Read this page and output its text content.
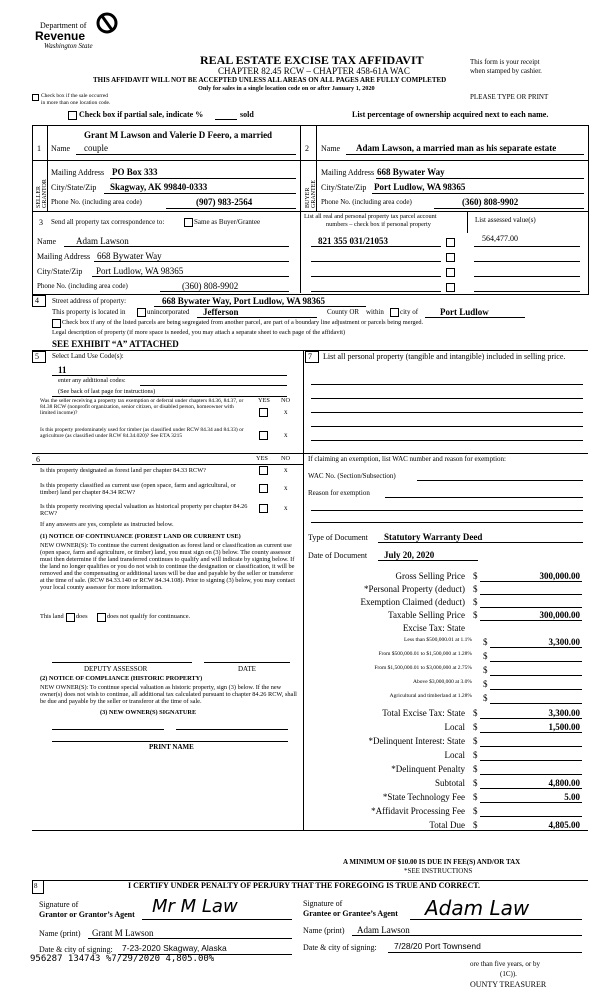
Department of
Revenue
Washington State
REAL ESTATE EXCISE TAX AFFIDAVIT
CHAPTER 82.45 RCW – CHAPTER 458-61A WAC
THIS AFFIDAVIT WILL NOT BE ACCEPTED UNLESS ALL AREAS ON ALL PAGES ARE FULLY COMPLETED
Only for sales in a single location code on or after January 1, 2020
This form is your receipt
when stamped by cashier.
Check box if the sale occurred
in more than one location code.
PLEASE TYPE OR PRINT
Check box if partial sale, indicate %	sold	List percentage of ownership acquired next to each name.
1
Grant M Lawson and Valerie D Feero, a married
Name couple
SELLER GRANTOR
Mailing Address PO Box 333
City/State/Zip Skagway, AK 99840-0333
Phone No. (including area code)	(907) 983-2564
2 Name Adam Lawson, a married man as his separate estate
BUYER GRANTEE
Mailing Address 668 Bywater Way
City/State/Zip Port Ludlow, WA 98365
Phone No. (including area code)	(360) 808-9902
3 Send all property tax correspondence to:	Same as Buyer/Grantee
Name Adam Lawson
Mailing Address 668 Bywater Way
City/State/Zip Port Ludlow, WA 98365
Phone No. (including area code)	(360) 808-9902
List all real and personal property tax parcel account
numbers – check box if personal property
List assessed value(s)
821 355 031/21053	564,477.00
4 Street address of property:	668 Bywater Way, Port Ludlow, WA 98365
This property is located in	unincorporated Jefferson	County OR within city of Port Ludlow
Check box if any of the listed parcels are being segregated from another parcel, are part of a boundary line adjustment or parcels being merged.
Legal description of property (if more space is needed, you may attach a separate sheet to each page of the affidavit)
SEE EXHIBIT “A” ATTACHED
5 Select Land Use Code(s):
11
enter any additional codes:
(See back of last page for instructions)
YES NO
Was the seller receiving a property tax exemption or deferral under chapters 84.36, 84.37, or 84.38 RCW (nonprofit organization, senior citizen, or disabled person, homeowner with limited income)?	x
Is this property predominately used for timber (as classified under RCW 84.34 and 84.33) or agriculture (as classified under RCW 84.34.020)? See ETA 3215	x
7 List all personal property (tangible and intangible) included in selling price.
6	YES NO
Is this property designated as forest land per chapter 84.33 RCW?	x
Is this property classified as current use (open space, farm and agricultural, or timber) land per chapter 84.34 RCW?
x
Is this property receiving special valuation as historical property per chapter 84.26 RCW?
x
If any answers are yes, complete as instructed below.
(1) NOTICE OF CONTINUANCE (FOREST LAND OR CURRENT USE)
NEW OWNER(S): To continue the current designation as forest land or classification as current use (open space, farm and agriculture, or timber) land, you must sign on (3) below. The county assessor must then determine if the land transferred continues to qualify and will indicate by signing below. If the land no longer qualifies or you do not wish to continue the designation or classification, it will be removed and the compensating or additional taxes will be due and payable by the seller or transferor at the time of sale. (RCW 84.33.140 or RCW 84.34.108). Prior to signing (3) below, you may contact your local county assessor for more information.
This land does	does not qualify for continuance.
DEPUTY ASSESSOR	DATE
(2) NOTICE OF COMPLIANCE (HISTORIC PROPERTY)
NEW OWNER(S): To continue special valuation as historic property, sign (3) below. If the new owner(s) does not wish to continue, all additional tax calculated pursuant to chapter 84.26 RCW, shall be due and payable by the seller or transferor at the time of sale.
(3) NEW OWNER(S) SIGNATURE
PRINT NAME
If claiming an exemption, list WAC number and reason for exemption:
WAC No. (Section/Subsection)
Reason for exemption
Type of Document Statutory Warranty Deed
Date of Document July 20, 2020
Gross Selling Price $	300,000.00
*Personal Property (deduct) $
Exemption Claimed (deduct) $
Taxable Selling Price $	300,000.00
Excise Tax: State
Less than $500,000.01 at 1.1% $	3,300.00
From $500,000.01 to $1,500,000 at 1.28% $
From $1,500,000.01 to $3,000,000 at 2.75% $
Above $3,000,000 at 3.0% $
Agricultural and timberland at 1.28% $
Total Excise Tax: State $	3,300.00
Local $	1,500.00
*Delinquent Interest: State $
Local $
*Delinquent Penalty $
Subtotal $	4,800.00
*State Technology Fee $	5.00
*Affidavit Processing Fee $
Total Due $	4,805.00
A MINIMUM OF $10.00 IS DUE IN FEE(S) AND/OR TAX
*SEE INSTRUCTIONS
8	I CERTIFY UNDER PENALTY OF PERJURY THAT THE FOREGOING IS TRUE AND CORRECT.
Signature of
Grantor or Grantor’s Agent Mr M Law
Name (print) Grant M Lawson
Date & city of signing: 7-23-2020 Skagway, Alaska
Signature of
Grantee or Grantee’s Agent Adam Law
Name (print) Adam Lawson
Date & city of signing: 7/28/20 Port Townsend
ore than five years, or by
(1C)).
OUNTY TREASURER
956287 134743 %7/29/2020 4,805.00%
